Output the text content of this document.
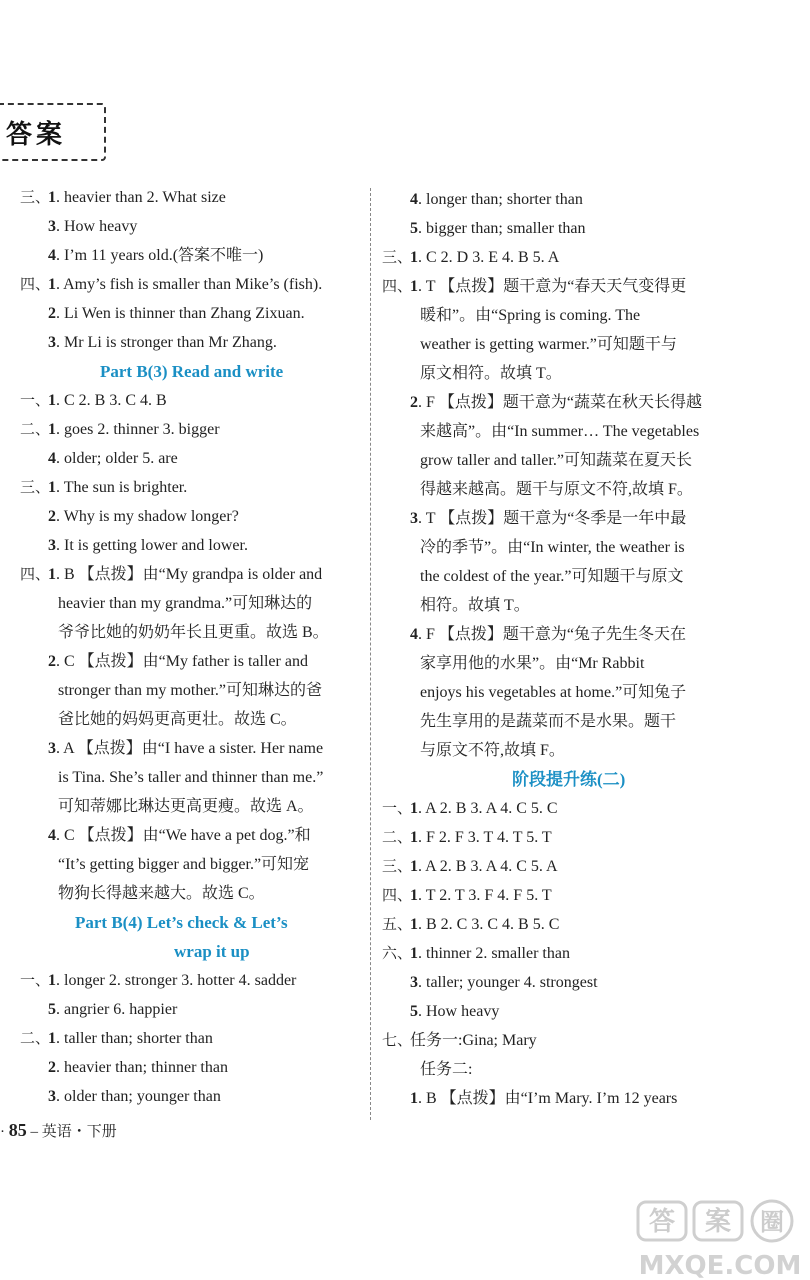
答案
三、1. heavier than 2. What size
3. How heavy
4. I’m 11 years old.(答案不唯一)
四、1. Amy’s fish is smaller than Mike’s (fish).
2. Li Wen is thinner than Zhang Zixuan.
3. Mr Li is stronger than Mr Zhang.
Part B(3) Read and write
一、1. C 2. B 3. C 4. B
二、1. goes 2. thinner 3. bigger
4. older; older 5. are
三、1. The sun is brighter.
2. Why is my shadow longer?
3. It is getting lower and lower.
四、1. B 【点拨】由“My grandpa is older and
heavier than my grandma.”可知琳达的
爷爷比她的奶奶年长且更重。故选 B。
2. C 【点拨】由“My father is taller and
stronger than my mother.”可知琳达的爸
爸比她的妈妈更高更壮。故选 C。
3. A 【点拨】由“I have a sister. Her name
is Tina. She’s taller and thinner than me.”
可知蒂娜比琳达更高更瘦。故选 A。
4. C 【点拨】由“We have a pet dog.”和
“It’s getting bigger and bigger.”可知宠
物狗长得越来越大。故选 C。
Part B(4) Let’s check & Let’s
wrap it up
一、1. longer 2. stronger 3. hotter 4. sadder
5. angrier 6. happier
二、1. taller than; shorter than
2. heavier than; thinner than
3. older than; younger than
4. longer than; shorter than
5. bigger than; smaller than
三、1. C 2. D 3. E 4. B 5. A
四、1. T 【点拨】题干意为“春天天气变得更
暖和”。由“Spring is coming. The
weather is getting warmer.”可知题干与
原文相符。故填 T。
2. F 【点拨】题干意为“蔬菜在秋天长得越
来越高”。由“In summer… The vegetables
grow taller and taller.”可知蔬菜在夏天长
得越来越高。题干与原文不符,故填 F。
3. T 【点拨】题干意为“冬季是一年中最
冷的季节”。由“In winter, the weather is
the coldest of the year.”可知题干与原文
相符。故填 T。
4. F 【点拨】题干意为“兔子先生冬天在
家享用他的水果”。由“Mr Rabbit
enjoys his vegetables at home.”可知兔子
先生享用的是蔬菜而不是水果。题干
与原文不符,故填 F。
阶段提升练(二)
一、1. A 2. B 3. A 4. C 5. C
二、1. F 2. F 3. T 4. T 5. T
三、1. A 2. B 3. A 4. C 5. A
四、1. T 2. T 3. F 4. F 5. T
五、1. B 2. C 3. C 4. B 5. C
六、1. thinner 2. smaller than
3. taller; younger 4. strongest
5. How heavy
七、任务一:Gina; Mary
任务二:
1. B 【点拨】由“I’m Mary. I’m 12 years
· 85 – 英语・下册
答 案 圈
MXQE.COM
